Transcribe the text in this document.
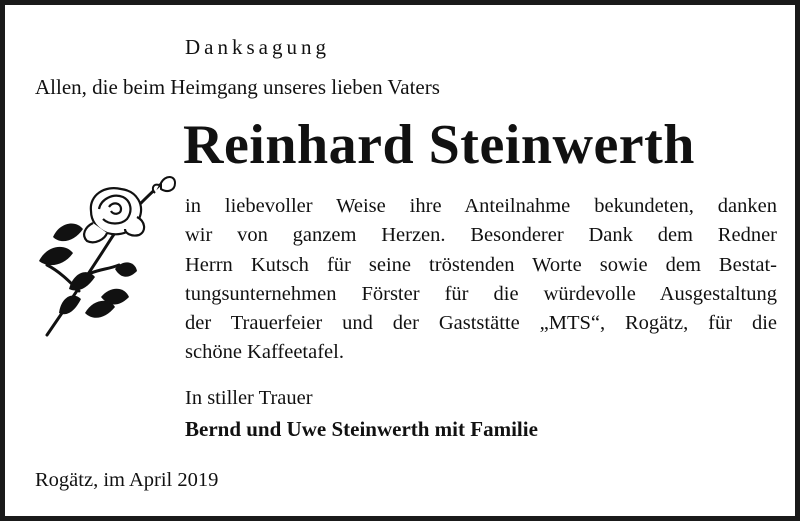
Danksagung
Allen, die beim Heimgang unseres lieben Vaters
Reinhard Steinwerth
in liebevoller Weise ihre Anteilnahme bekundeten, danken
wir von ganzem Herzen. Besonderer Dank dem Redner
Herrn Kutsch für seine tröstenden Worte sowie dem Bestat-
tungsunternehmen Förster für die würdevolle Ausgestaltung
der Trauerfeier und der Gaststätte „MTS“, Rogätz, für die
schöne Kaffeetafel.
In stiller Trauer
Bernd und Uwe Steinwerth mit Familie
Rogätz, im April 2019
